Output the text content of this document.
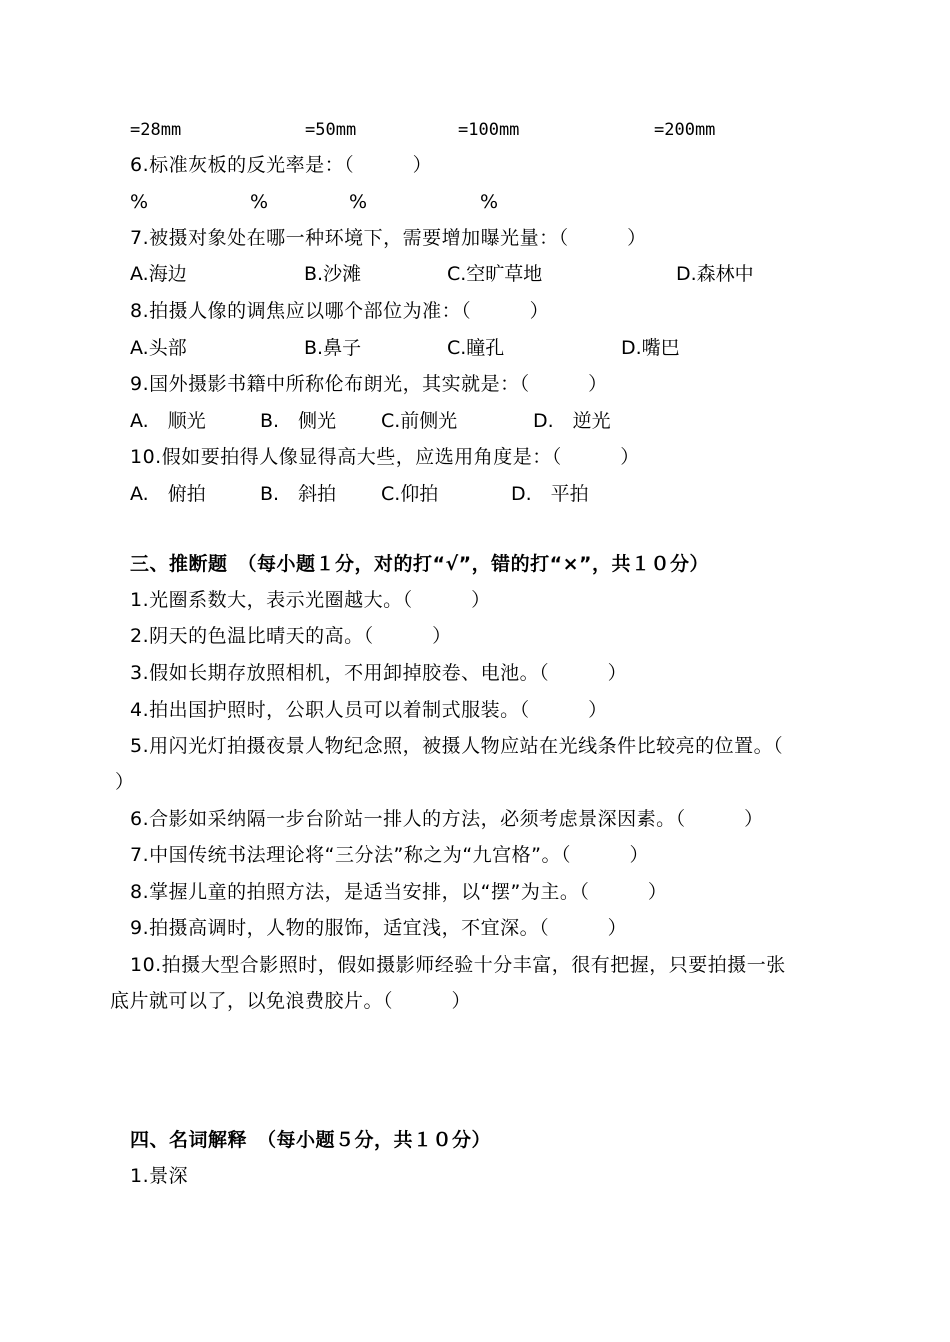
=28mm	=50mm	=100mm	=200mm
6.标准灰板的反光率是：（　　　）
%	%	%	%
7.被摄对象处在哪一种环境下，需要增加曝光量：（　　　）
A.海边	B.沙滩	C.空旷草地	D.森林中
8.拍摄人像的调焦应以哪个部位为准：（　　　）
A.头部	B.鼻子	C.瞳孔	D.嘴巴
9.国外摄影书籍中所称伦布朗光，其实就是：（　　　）
A.　顺光	B.　侧光 C.前侧光	D.　逆光
10.假如要拍得人像显得高大些，应选用角度是：（　　　）
A.　俯拍	B.　斜拍 C.仰拍	D.　平拍
三、推断题　（每小题１分，对的打“√”，错的打“×”，共１０分）
1.光圈系数大，表示光圈越大。（　　　）
2.阴天的色温比晴天的高。（　　　）
3.假如长期存放照相机，不用卸掉胶卷、电池。（　　　）
4.拍出国护照时，公职人员可以着制式服装。（　　　）
5.用闪光灯拍摄夜景人物纪念照，被摄人物应站在光线条件比较亮的位置。（
）
6.合影如采纳隔一步台阶站一排人的方法，必须考虑景深因素。（　　　）
7.中国传统书法理论将“三分法”称之为“九宫格”。（　　　）
8.掌握儿童的拍照方法，是适当安排，以“摆”为主。（　　　）
9.拍摄高调时，人物的服饰，适宜浅，不宜深。（　　　）
10.拍摄大型合影照时，假如摄影师经验十分丰富，很有把握，只要拍摄一张
底片就可以了，以免浪费胶片。（　　　）
四、名词解释　（每小题５分，共１０分）
1.景深
